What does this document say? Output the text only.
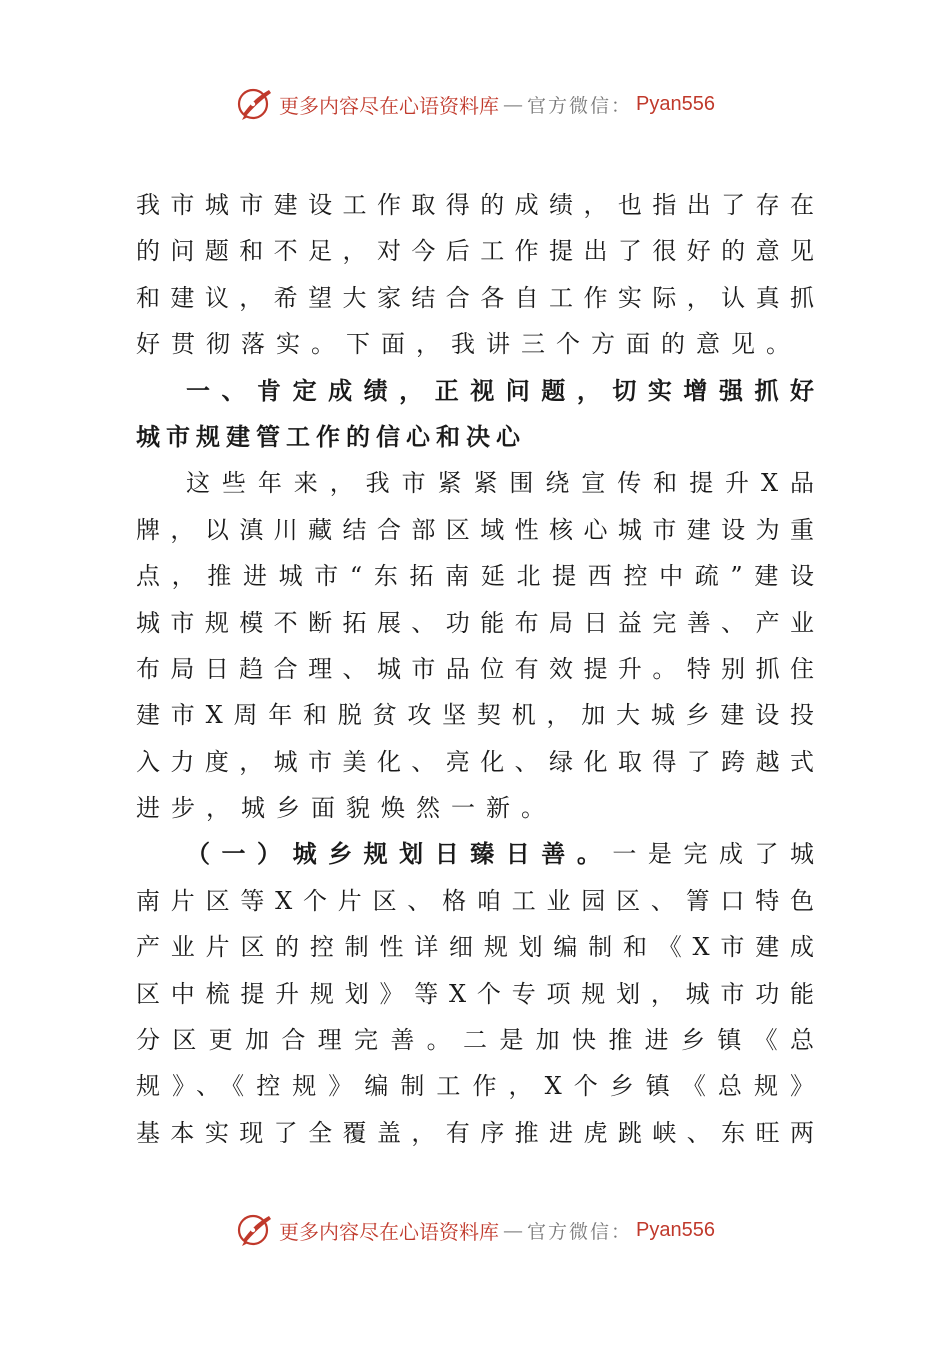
更多内容尽在心语资料库 — 官方微信： Pyan556
我市城市建设工作取得的成绩，也指出了存在
的问题和不足，对今后工作提出了很好的意见
和建议，希望大家结合各自工作实际，认真抓
好贯彻落实。下面，我讲三个方面的意见。
一、肯定成绩，正视问题，切实增强抓好
城市规建管工作的信心和决心
这些年来，我市紧紧围绕宣传和提升X品
牌，以滇川藏结合部区域性核心城市建设为重
点，推进城市“东拓南延北提西控中疏”建设
城市规模不断拓展、功能布局日益完善、产业
布局日趋合理、城市品位有效提升。特别抓住
建市X周年和脱贫攻坚契机，加大城乡建设投
入力度，城市美化、亮化、绿化取得了跨越式
进步，城乡面貌焕然一新。
（一）城乡规划日臻日善。一是完成了城
南片区等X个片区、格咱工业园区、箐口特色
产业片区的控制性详细规划编制和《X市建成
区中梳提升规划》等X个专项规划，城市功能
分区更加合理完善。二是加快推进乡镇《总
规》、《控规》编制工作，X个乡镇《总规》
基本实现了全覆盖，有序推进虎跳峡、东旺两
更多内容尽在心语资料库 — 官方微信： Pyan556
